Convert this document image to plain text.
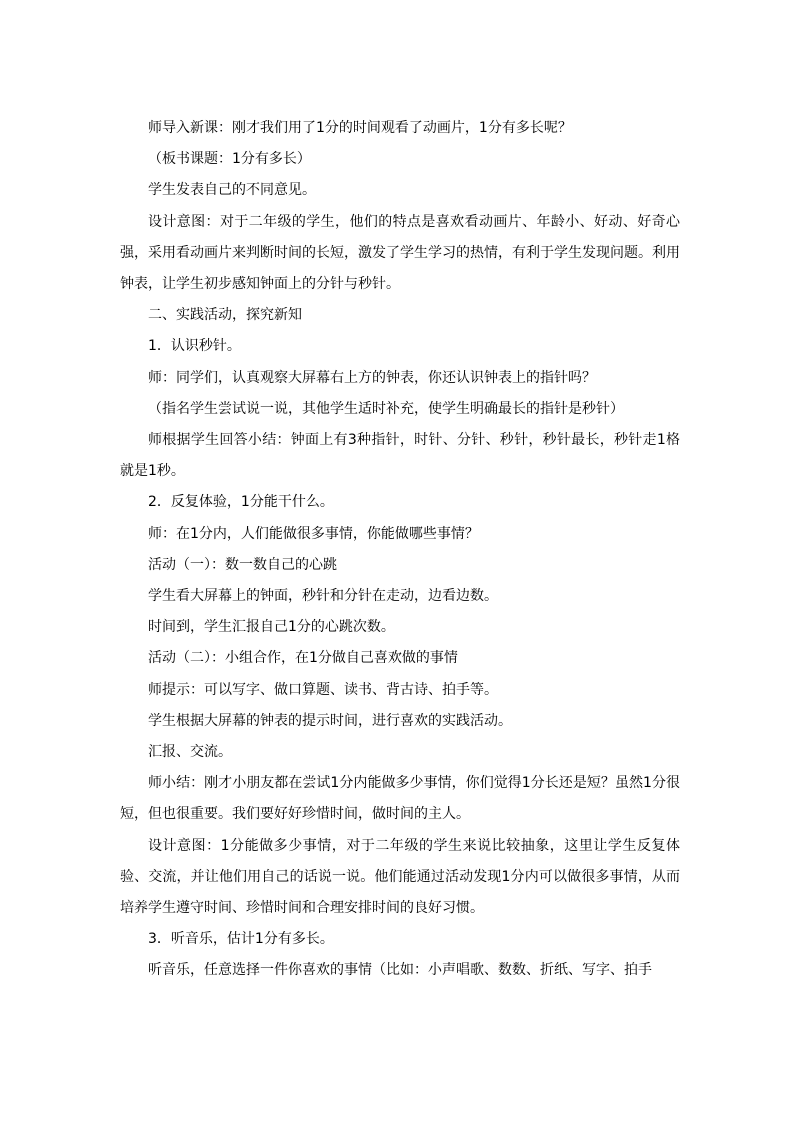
师导入新课：刚才我们用了1分的时间观看了动画片，1分有多长呢？

（板书课题：1分有多长）

学生发表自己的不同意见。

设计意图：对于二年级的学生，他们的特点是喜欢看动画片、年龄小、好动、好奇心强，采用看动画片来判断时间的长短，激发了学生学习的热情，有利于学生发现问题。利用钟表，让学生初步感知钟面上的分针与秒针。

二、实践活动，探究新知

1．认识秒针。

师：同学们，认真观察大屏幕右上方的钟表，你还认识钟表上的指针吗？

（指名学生尝试说一说，其他学生适时补充，使学生明确最长的指针是秒针）

师根据学生回答小结：钟面上有3种指针，时针、分针、秒针，秒针最长，秒针走1格就是1秒。

2．反复体验，1分能干什么。

师：在1分内，人们能做很多事情，你能做哪些事情？

活动（一）：数一数自己的心跳

学生看大屏幕上的钟面，秒针和分针在走动，边看边数。

时间到，学生汇报自己1分的心跳次数。

活动（二）：小组合作，在1分做自己喜欢做的事情

师提示：可以写字、做口算题、读书、背古诗、拍手等。

学生根据大屏幕的钟表的提示时间，进行喜欢的实践活动。

汇报、交流。

师小结：刚才小朋友都在尝试1分内能做多少事情，你们觉得1分长还是短？虽然1分很短，但也很重要。我们要好好珍惜时间，做时间的主人。

设计意图：1分能做多少事情，对于二年级的学生来说比较抽象，这里让学生反复体验、交流，并让他们用自己的话说一说。他们能通过活动发现1分内可以做很多事情，从而培养学生遵守时间、珍惜时间和合理安排时间的良好习惯。

3．听音乐，估计1分有多长。

听音乐，任意选择一件你喜欢的事情（比如：小声唱歌、数数、折纸、写字、拍手
